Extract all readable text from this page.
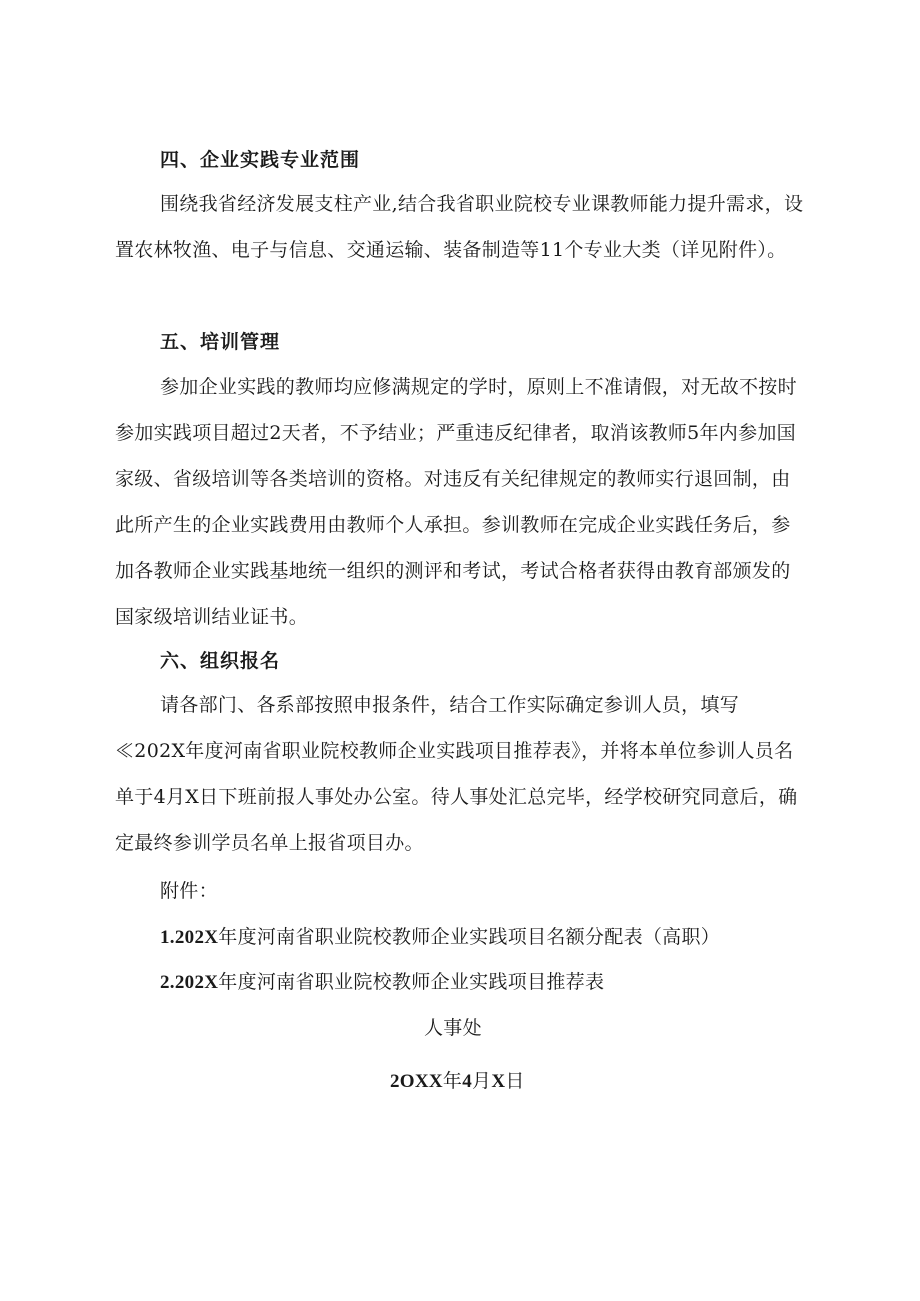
四、企业实践专业范围

围绕我省经济发展支柱产业,结合我省职业院校专业课教师能力提升需求，设置农林牧渔、电子与信息、交通运输、装备制造等11个专业大类（详见附件）。

五、培训管理

参加企业实践的教师均应修满规定的学时，原则上不准请假，对无故不按时参加实践项目超过2天者，不予结业；严重违反纪律者，取消该教师5年内参加国家级、省级培训等各类培训的资格。对违反有关纪律规定的教师实行退回制，由此所产生的企业实践费用由教师个人承担。参训教师在完成企业实践任务后，参加各教师企业实践基地统一组织的测评和考试，考试合格者获得由教育部颁发的国家级培训结业证书。

六、组织报名

请各部门、各系部按照申报条件，结合工作实际确定参训人员，填写≪202X年度河南省职业院校教师企业实践项目推荐表》，并将本单位参训人员名单于4月X日下班前报人事处办公室。待人事处汇总完毕，经学校研究同意后，确定最终参训学员名单上报省项目办。

附件：

1.202X年度河南省职业院校教师企业实践项目名额分配表（高职）

2.202X年度河南省职业院校教师企业实践项目推荐表

人事处

2OXX年4月X日
